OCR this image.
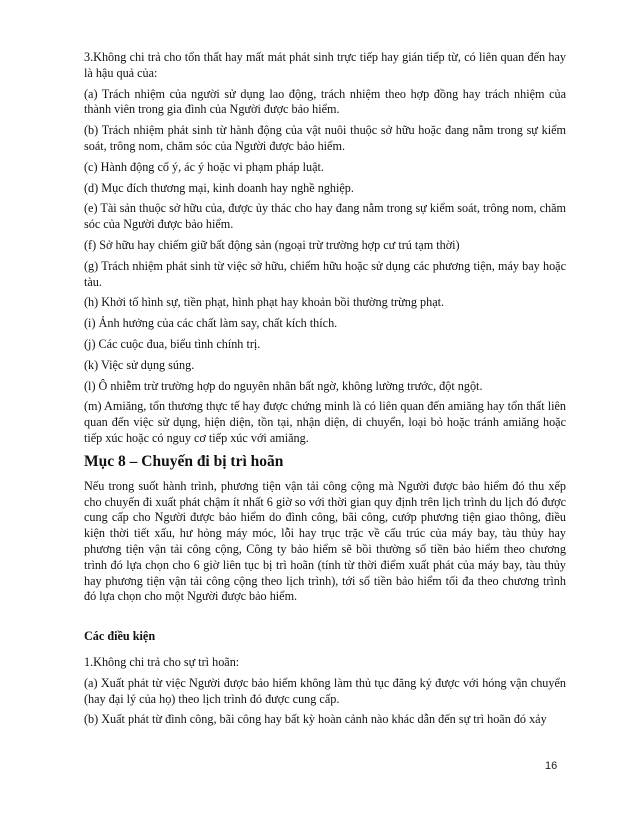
3.Không chi trả cho tổn thất hay mất mát phát sinh trực tiếp hay gián tiếp từ, có liên quan đến hay là hậu quả của:

(a) Trách nhiệm của người sử dụng lao động, trách nhiệm theo hợp đồng hay trách nhiệm của thành viên trong gia đình của Người được bảo hiểm.

(b) Trách nhiệm phát sinh từ hành động của vật nuôi thuộc sở hữu hoặc đang nằm trong sự kiểm soát, trông nom, chăm sóc của Người được bảo hiểm.

(c) Hành động cố ý, ác ý hoặc vi phạm pháp luật.

(d) Mục đích thương mại, kinh doanh hay nghề nghiệp.

(e) Tài sản thuộc sở hữu của, được ủy thác cho hay đang nằm trong sự kiểm soát, trông nom, chăm sóc của Người được bảo hiểm.

(f) Sở hữu hay chiếm giữ bất động sản (ngoại trừ trường hợp cư trú tạm thời)

(g) Trách nhiệm phát sinh từ việc sở hữu, chiếm hữu hoặc sử dụng các phương tiện, máy bay hoặc tàu.

(h) Khởi tố hình sự, tiền phạt, hình phạt hay khoản bồi thường trừng phạt.

(i) Ảnh hưởng của các chất làm say, chất kích thích.

(j) Các cuộc đua, biểu tình chính trị.

(k) Việc sử dụng súng.

(l) Ô nhiễm trừ trường hợp do nguyên nhân bất ngờ, không lường trước, đột ngột.

(m) Amiăng, tổn thương thực tế hay được chứng minh là có liên quan đến amiăng hay tổn thất liên quan đến việc sử dụng, hiện diện, tồn tại, nhận diện, di chuyển, loại bỏ hoặc tránh amiăng hoặc tiếp xúc hoặc có nguy cơ tiếp xúc với amiăng.

Mục 8 – Chuyến đi bị trì hoãn

Nếu trong suốt hành trình, phương tiện vận tải công cộng mà Người được bảo hiểm đó thu xếp cho chuyến đi xuất phát chậm ít nhất 6 giờ so với thời gian quy định trên lịch trình du lịch đó được cung cấp cho Người được bảo hiểm do đình công, bãi công, cướp phương tiện giao thông, điều kiện thời tiết xấu, hư hỏng máy móc, lỗi hay trục trặc về cấu trúc của máy bay, tàu thủy hay phương tiện vận tải công cộng, Công ty bảo hiểm sẽ bồi thường số tiền bảo hiểm theo chương trình đó lựa chọn cho 6 giờ liên tục bị trì hoãn (tính từ thời điểm xuất phát của máy bay, tàu thủy hay phương tiện vận tải công cộng theo lịch trình), tới số tiền bảo hiểm tối đa theo chương trình đó lựa chọn cho một Người được bảo hiểm.

Các điều kiện

1.Không chi trả cho sự trì hoãn:

(a) Xuất phát từ việc Người được bảo hiểm không làm thủ tục đăng ký được với hóng vận chuyển (hay đại lý của họ) theo lịch trình đó được cung cấp.

(b) Xuất phát từ đình công, bãi công hay bất kỳ hoàn cảnh nào khác dẫn đến sự trì hoãn đó xảy

16
